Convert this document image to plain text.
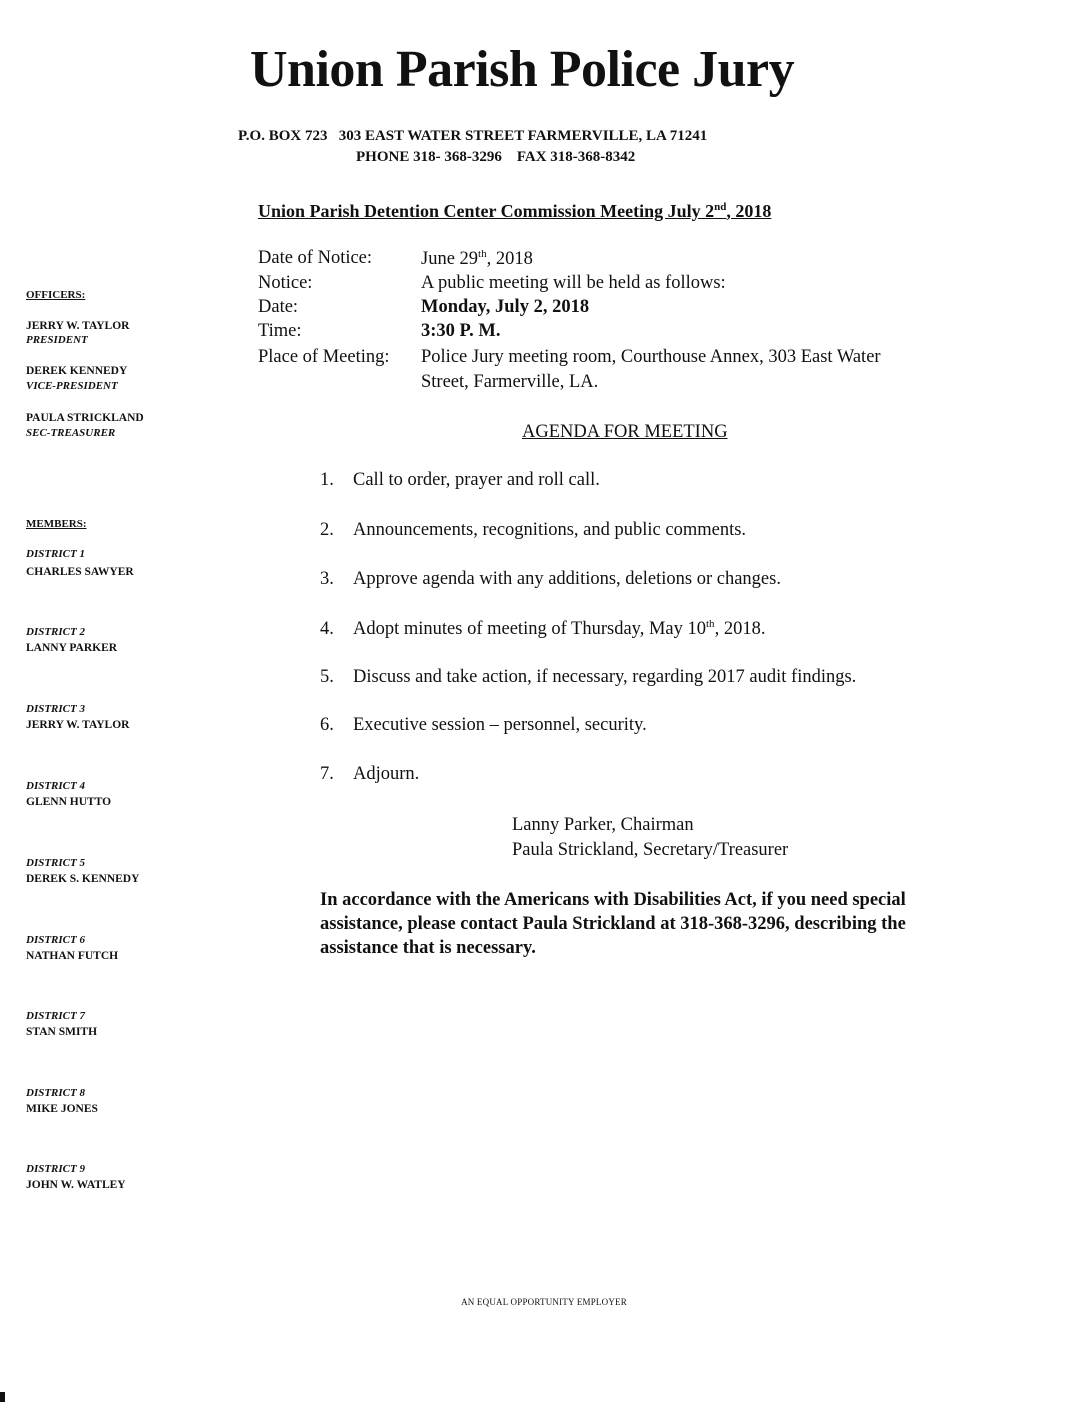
Union Parish Police Jury
P.O. BOX 723   303 EAST WATER STREET FARMERVILLE, LA 71241
PHONE 318- 368-3296    FAX 318-368-8342
Union Parish Detention Center Commission Meeting July 2nd, 2018
Date of Notice:	June 29th, 2018
Notice:	A public meeting will be held as follows:
Date:	Monday, July 2, 2018
Time:	3:30 P. M.
Place of Meeting: Police Jury meeting room, Courthouse Annex, 303 East Water
Street, Farmerville, LA.
AGENDA FOR MEETING
1. Call to order, prayer and roll call.
2. Announcements, recognitions, and public comments.
3. Approve agenda with any additions, deletions or changes.
4. Adopt minutes of meeting of Thursday, May 10th, 2018.
5. Discuss and take action, if necessary, regarding 2017 audit findings.
6. Executive session – personnel, security.
7. Adjourn.
Lanny Parker, Chairman
Paula Strickland, Secretary/Treasurer
In accordance with the Americans with Disabilities Act, if you need special assistance, please contact Paula Strickland at 318-368-3296, describing the assistance that is necessary.
OFFICERS:
JERRY W. TAYLOR
PRESIDENT
DEREK KENNEDY
VICE-PRESIDENT
PAULA STRICKLAND
SEC-TREASURER
MEMBERS:
DISTRICT 1
CHARLES SAWYER
DISTRICT 2
LANNY PARKER
DISTRICT 3
JERRY W. TAYLOR
DISTRICT 4
GLENN HUTTO
DISTRICT 5
DEREK S. KENNEDY
DISTRICT 6
NATHAN FUTCH
DISTRICT 7
STAN SMITH
DISTRICT 8
MIKE JONES
DISTRICT 9
JOHN W. WATLEY
AN EQUAL OPPORTUNITY EMPLOYER
